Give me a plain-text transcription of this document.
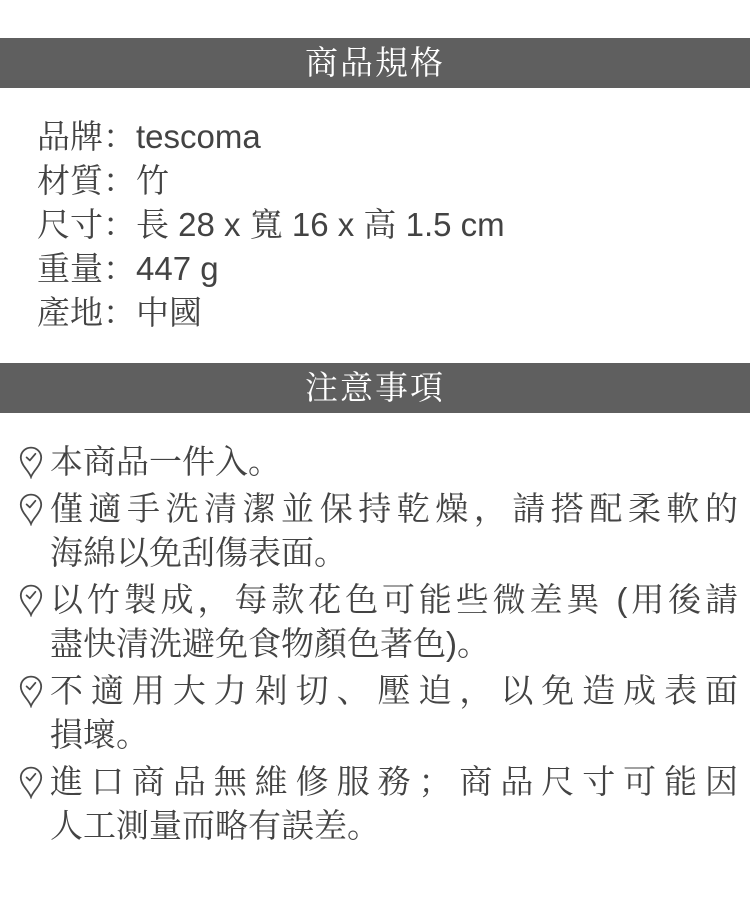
商品規格
品牌：tescoma
材質：竹
尺寸：長 28 x 寬 16 x 高 1.5 cm
重量：447 g
產地：中國
注意事項
本商品一件入。
僅適手洗清潔並保持乾燥，請搭配柔軟的
海綿以免刮傷表面。
以竹製成，每款花色可能些微差異 (用後請
盡快清洗避免食物顏色著色)。
不適用大力剁切、壓迫，以免造成表面
損壞。
進口商品無維修服務；商品尺寸可能因
人工測量而略有誤差。
